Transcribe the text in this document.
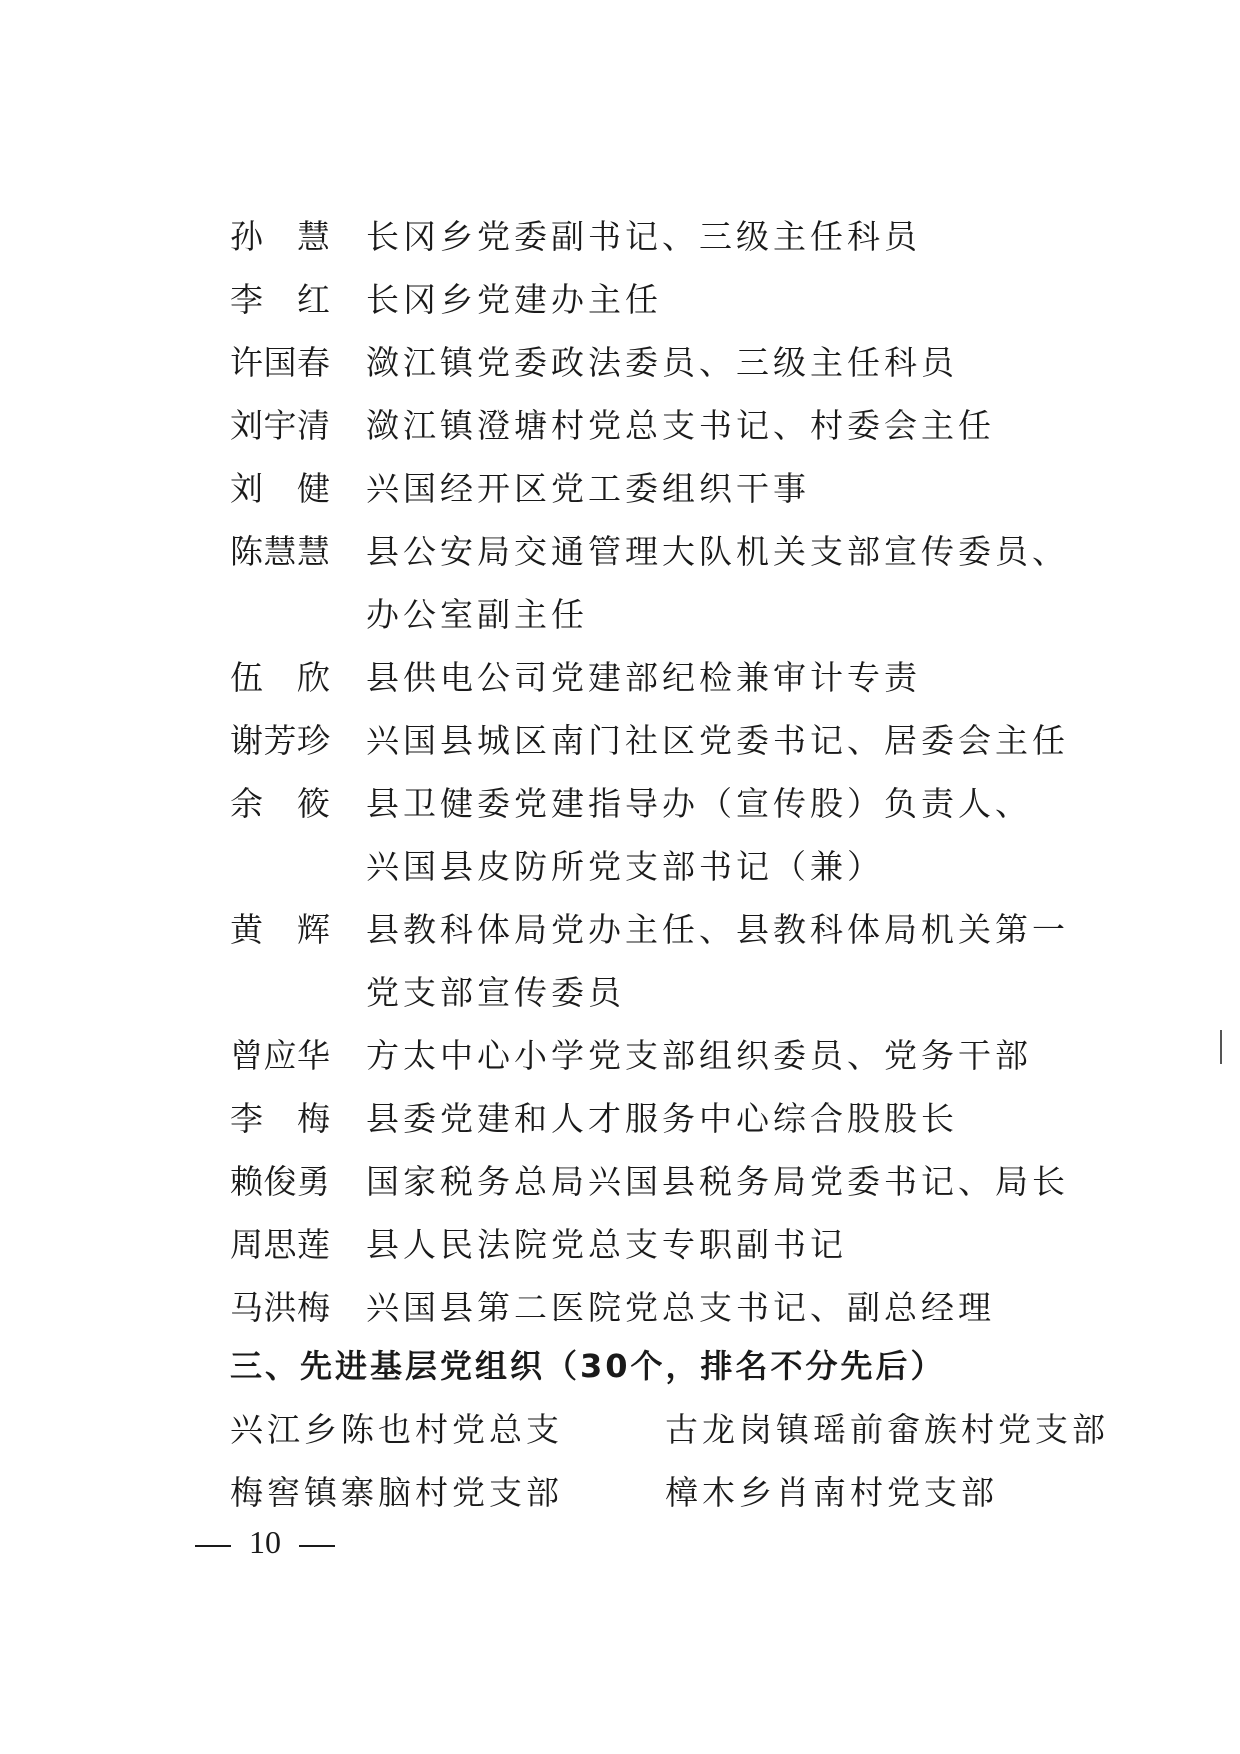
孙　慧 长冈乡党委副书记、三级主任科员
李　红 长冈乡党建办主任
许国春 潋江镇党委政法委员、三级主任科员
刘宇清 潋江镇澄塘村党总支书记、村委会主任
刘　健 兴国经开区党工委组织干事
陈慧慧 县公安局交通管理大队机关支部宣传委员、
办公室副主任
伍　欣 县供电公司党建部纪检兼审计专责
谢芳珍 兴国县城区南门社区党委书记、居委会主任
余　筱 县卫健委党建指导办（宣传股）负责人、
兴国县皮防所党支部书记（兼）
黄　辉 县教科体局党办主任、县教科体局机关第一
党支部宣传委员
曾应华 方太中心小学党支部组织委员、党务干部
李　梅 县委党建和人才服务中心综合股股长
赖俊勇 国家税务总局兴国县税务局党委书记、局长
周思莲 县人民法院党总支专职副书记
马洪梅 兴国县第二医院党总支书记、副总经理
三、先进基层党组织（30个，排名不分先后）
兴江乡陈也村党总支	古龙岗镇瑶前畲族村党支部
梅窖镇寨脑村党支部	樟木乡肖南村党支部
10
